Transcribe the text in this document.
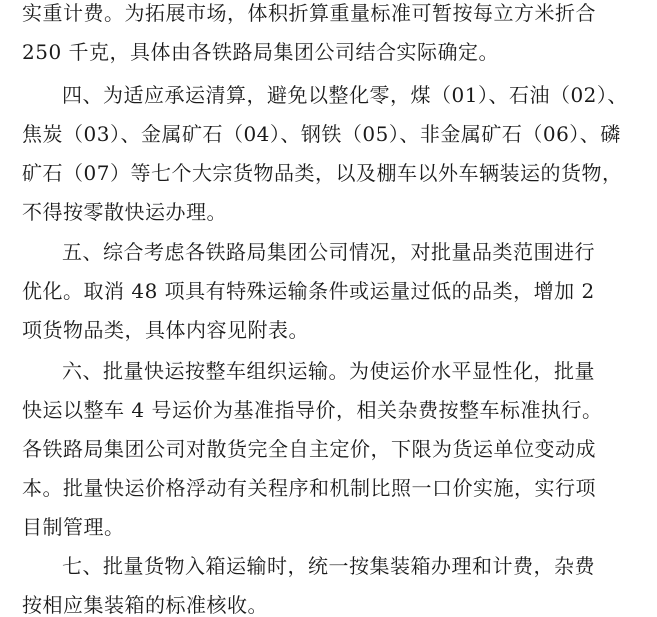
实重计费。为拓展市场，体积折算重量标准可暂按每立方米折合
250 千克，具体由各铁路局集团公司结合实际确定。
四、为适应承运清算，避免以整化零，煤（01）、石油（02）、
焦炭（03）、金属矿石（04）、钢铁（05）、非金属矿石（06）、磷
矿石（07）等七个大宗货物品类，以及棚车以外车辆装运的货物，
不得按零散快运办理。
五、综合考虑各铁路局集团公司情况，对批量品类范围进行
优化。取消 48 项具有特殊运输条件或运量过低的品类，增加 2
项货物品类，具体内容见附表。
六、批量快运按整车组织运输。为使运价水平显性化，批量
快运以整车 4 号运价为基准指导价，相关杂费按整车标准执行。
各铁路局集团公司对散货完全自主定价，下限为货运单位变动成
本。批量快运价格浮动有关程序和机制比照一口价实施，实行项
目制管理。
七、批量货物入箱运输时，统一按集装箱办理和计费，杂费
按相应集装箱的标准核收。
